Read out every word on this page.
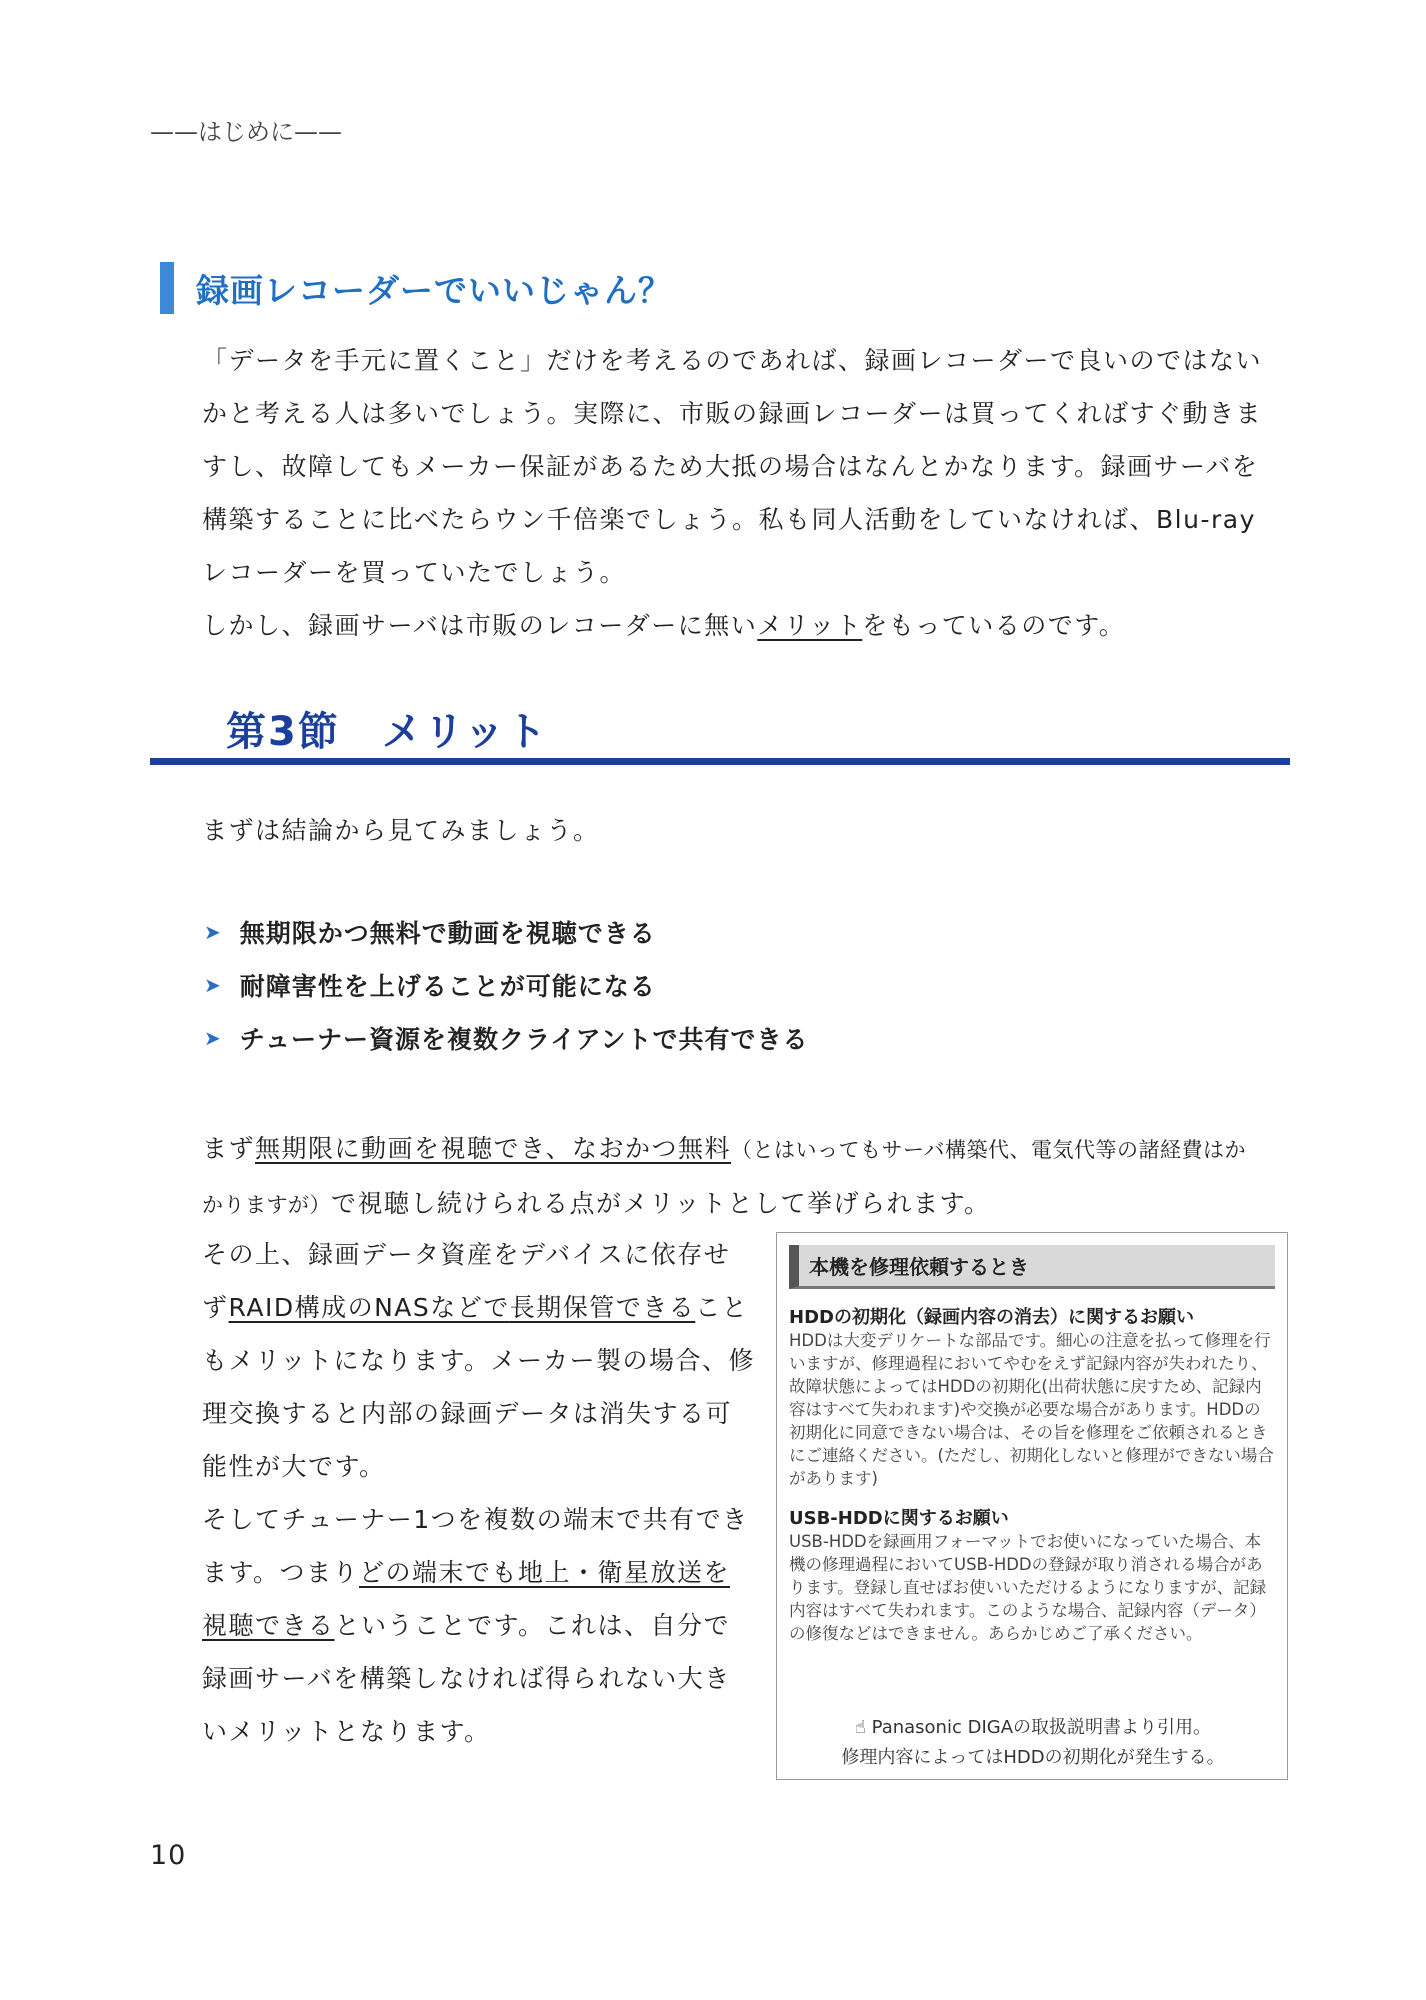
——はじめに——
録画レコーダーでいいじゃん？
「データを手元に置くこと」だけを考えるのであれば、録画レコーダーで良いのではないかと考える人は多いでしょう。実際に、市販の録画レコーダーは買ってくればすぐ動きますし、故障してもメーカー保証があるため大抵の場合はなんとかなります。録画サーバを構築することに比べたらウン千倍楽でしょう。私も同人活動をしていなければ、Blu-rayレコーダーを買っていたでしょう。
しかし、録画サーバは市販のレコーダーに無いメリットをもっているのです。
第3節　メリット
まずは結論から見てみましょう。
➤ 無期限かつ無料で動画を視聴できる
➤ 耐障害性を上げることが可能になる
➤ チューナー資源を複数クライアントで共有できる
まず無期限に動画を視聴でき、なおかつ無料（とはいってもサーバ構築代、電気代等の諸経費はかかりますが）で視聴し続けられる点がメリットとして挙げられます。
その上、録画データ資産をデバイスに依存せずRAID構成のNASなどで長期保管できることもメリットになります。メーカー製の場合、修理交換すると内部の録画データは消失する可能性が大です。
そしてチューナー1つを複数の端末で共有できます。つまりどの端末でも地上・衛星放送を視聴できるということです。これは、自分で録画サーバを構築しなければ得られない大きいメリットとなります。
本機を修理依頼するとき
HDDの初期化（録画内容の消去）に関するお願い
HDDは大変デリケートな部品です。細心の注意を払って修理を行いますが、修理過程においてやむをえず記録内容が失われたり、故障状態によってはHDDの初期化(出荷状態に戻すため、記録内容はすべて失われます)や交換が必要な場合があります。HDDの初期化に同意できない場合は、その旨を修理をご依頼されるときにご連絡ください。(ただし、初期化しないと修理ができない場合があります)
USB-HDDに関するお願い
USB-HDDを録画用フォーマットでお使いになっていた場合、本機の修理過程においてUSB-HDDの登録が取り消される場合があります。登録し直せばお使いいただけるようになりますが、記録内容はすべて失われます。このような場合、記録内容（データ）の修復などはできません。あらかじめご了承ください。
☝ Panasonic DIGAの取扱説明書より引用。
修理内容によってはHDDの初期化が発生する。
10
